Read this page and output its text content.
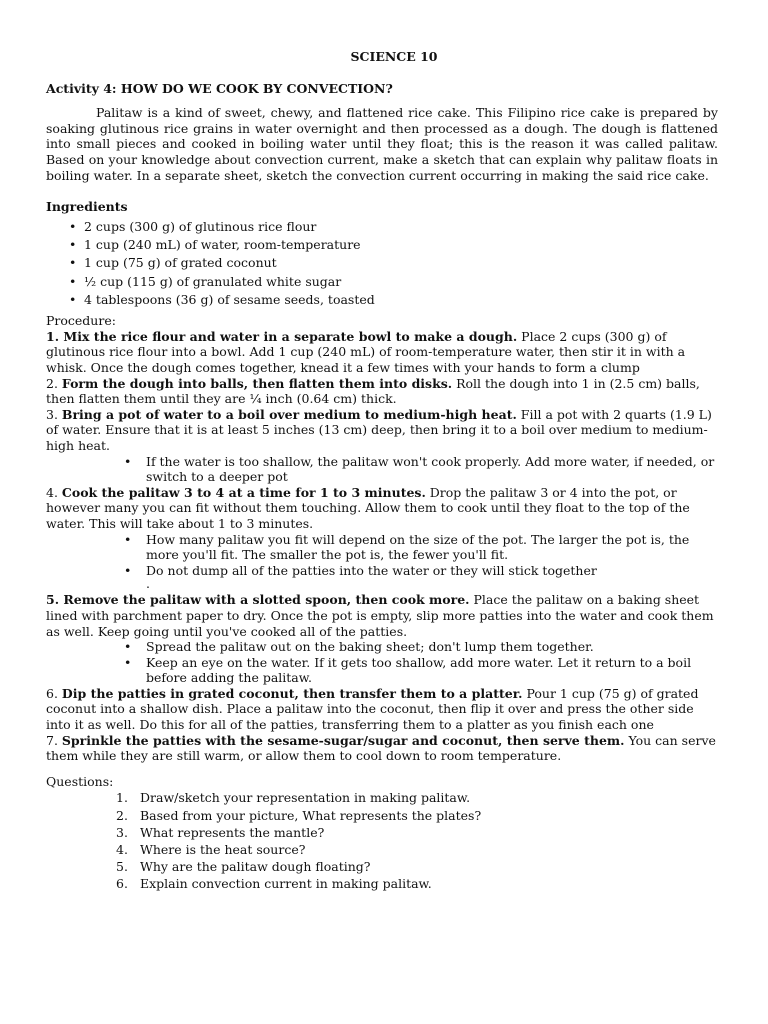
SCIENCE 10
Activity 4: HOW DO WE COOK BY CONVECTION?

Palitaw is a kind of sweet, chewy, and flattened rice cake. This Filipino rice cake is prepared by soaking glutinous rice grains in water overnight and then processed as a dough. The dough is flattened into small pieces and cooked in boiling water until they float; this is the reason it was called palitaw. Based on your knowledge about convection current, make a sketch that can explain why palitaw floats in boiling water. In a separate sheet, sketch the convection current occurring in making the said rice cake.

Ingredients
• 2 cups (300 g) of glutinous rice flour
• 1 cup (240 mL) of water, room-temperature
• 1 cup (75 g) of grated coconut
• ½ cup (115 g) of granulated white sugar
• 4 tablespoons (36 g) of sesame seeds, toasted
Procedure:

1. Mix the rice flour and water in a separate bowl to make a dough. Place 2 cups (300 g) of glutinous rice flour into a bowl. Add 1 cup (240 mL) of room-temperature water, then stir it in with a whisk. Once the dough comes together, knead it a few times with your hands to form a clump

2. Form the dough into balls, then flatten them into disks. Roll the dough into 1 in (2.5 cm) balls, then flatten them until they are ¼ inch (0.64 cm) thick.

3. Bring a pot of water to a boil over medium to medium-high heat. Fill a pot with 2 quarts (1.9 L) of water. Ensure that it is at least 5 inches (13 cm) deep, then bring it to a boil over medium to medium-high heat.

• If the water is too shallow, the palitaw won't cook properly. Add more water, if needed, or switch to a deeper pot

4. Cook the palitaw 3 to 4 at a time for 1 to 3 minutes. Drop the palitaw 3 or 4 into the pot, or however many you can fit without them touching. Allow them to cook until they float to the top of the water. This will take about 1 to 3 minutes.

• How many palitaw you fit will depend on the size of the pot. The larger the pot is, the more you'll fit. The smaller the pot is, the fewer you'll fit.
• Do not dump all of the patties into the water or they will stick together
.

5. Remove the palitaw with a slotted spoon, then cook more. Place the palitaw on a baking sheet lined with parchment paper to dry. Once the pot is empty, slip more patties into the water and cook them as well. Keep going until you've cooked all of the patties.

• Spread the palitaw out on the baking sheet; don't lump them together.
• Keep an eye on the water. If it gets too shallow, add more water. Let it return to a boil before adding the palitaw.

6. Dip the patties in grated coconut, then transfer them to a platter. Pour 1 cup (75 g) of grated coconut into a shallow dish. Place a palitaw into the coconut, then flip it over and press the other side into it as well. Do this for all of the patties, transferring them to a platter as you finish each one

7. Sprinkle the patties with the sesame-sugar/sugar and coconut, then serve them. You can serve them while they are still warm, or allow them to cool down to room temperature.

Questions:
1. Draw/sketch your representation in making palitaw.
2. Based from your picture, What represents the plates?
3. What represents the mantle?
4. Where is the heat source?
5. Why are the palitaw dough floating?
6. Explain convection current in making palitaw.
